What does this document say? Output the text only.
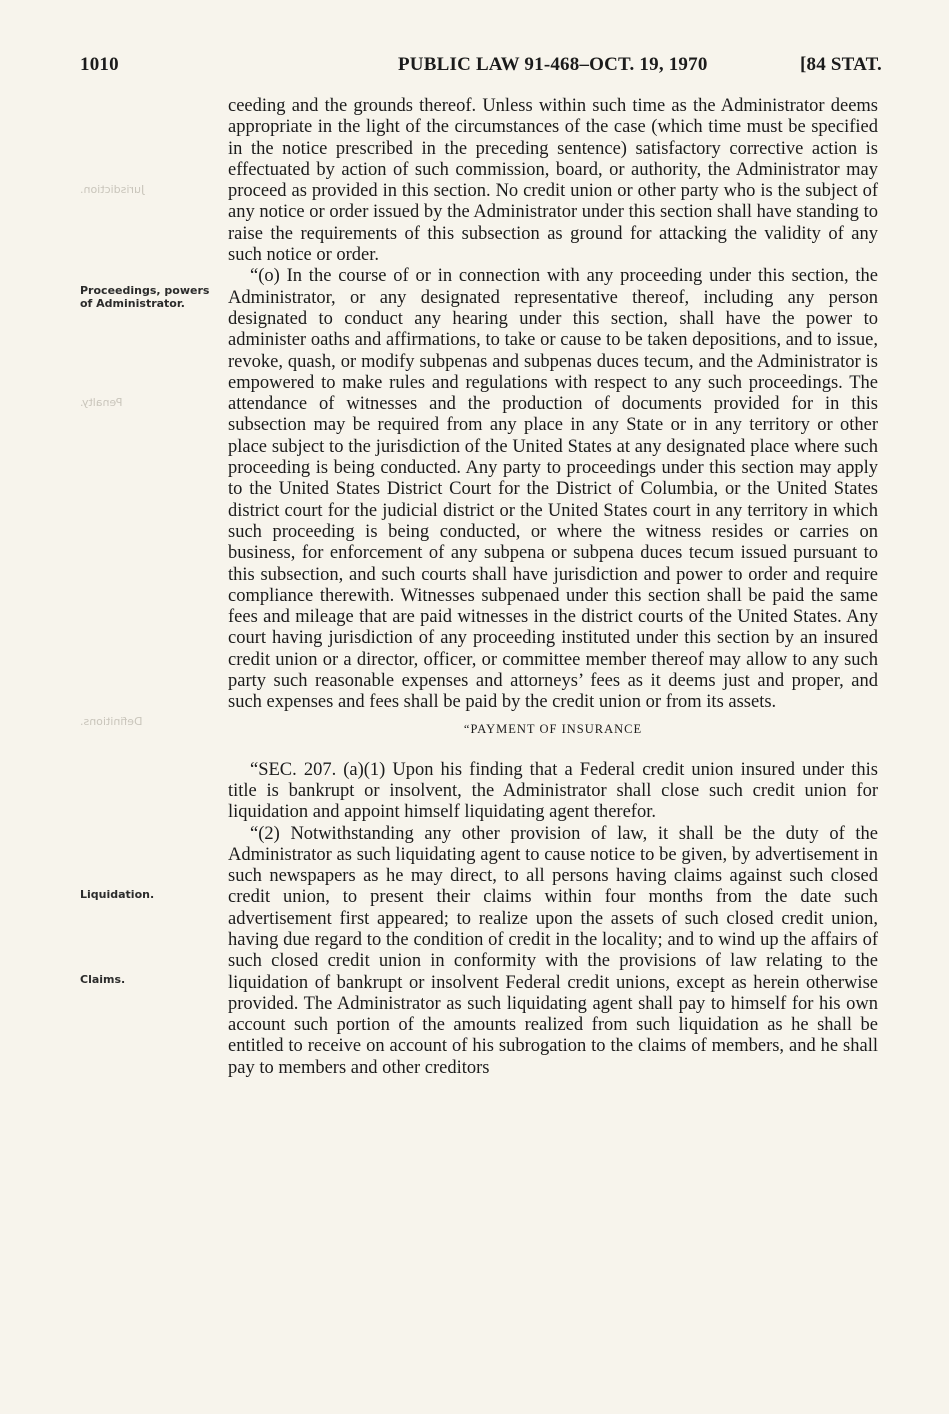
1010	PUBLIC LAW 91-468–OCT. 19, 1970	[84 STAT.
Jurisdiction.
Penalty.
Definitions.
Proceedings, powers of Administrator.
Liquidation.
Claims.

ceeding and the grounds thereof. Unless within such time as the Administrator deems appropriate in the light of the circumstances of the case (which time must be specified in the notice prescribed in the preceding sentence) satisfactory corrective action is effectuated by action of such commission, board, or authority, the Administrator may proceed as provided in this section. No credit union or other party who is the subject of any notice or order issued by the Administrator under this section shall have standing to raise the requirements of this subsection as ground for attacking the validity of any such notice or order.

“(o) In the course of or in connection with any proceeding under this section, the Administrator, or any designated representative thereof, including any person designated to conduct any hearing under this section, shall have the power to administer oaths and affirmations, to take or cause to be taken depositions, and to issue, revoke, quash, or modify subpenas and subpenas duces tecum, and the Administrator is empowered to make rules and regulations with respect to any such proceedings. The attendance of witnesses and the production of documents provided for in this subsection may be required from any place in any State or in any territory or other place subject to the jurisdiction of the United States at any designated place where such proceeding is being conducted. Any party to proceedings under this section may apply to the United States District Court for the District of Columbia, or the United States district court for the judicial district or the United States court in any territory in which such proceeding is being conducted, or where the witness resides or carries on business, for enforcement of any subpena or subpena duces tecum issued pursuant to this subsection, and such courts shall have jurisdiction and power to order and require compliance therewith. Witnesses subpenaed under this section shall be paid the same fees and mileage that are paid witnesses in the district courts of the United States. Any court having jurisdiction of any proceeding instituted under this section by an insured credit union or a director, officer, or committee member thereof may allow to any such party such reasonable expenses and attorneys’ fees as it deems just and proper, and such expenses and fees shall be paid by the credit union or from its assets.

“PAYMENT OF INSURANCE

“SEC. 207. (a)(1) Upon his finding that a Federal credit union insured under this title is bankrupt or insolvent, the Administrator shall close such credit union for liquidation and appoint himself liquidating agent therefor.

“(2) Notwithstanding any other provision of law, it shall be the duty of the Administrator as such liquidating agent to cause notice to be given, by advertisement in such newspapers as he may direct, to all persons having claims against such closed credit union, to present their claims within four months from the date such advertisement first appeared; to realize upon the assets of such closed credit union, having due regard to the condition of credit in the locality; and to wind up the affairs of such closed credit union in conformity with the provisions of law relating to the liquidation of bankrupt or insolvent Federal credit unions, except as herein otherwise provided. The Administrator as such liquidating agent shall pay to himself for his own account such portion of the amounts realized from such liquidation as he shall be entitled to receive on account of his subrogation to the claims of members, and he shall pay to members and other creditors
